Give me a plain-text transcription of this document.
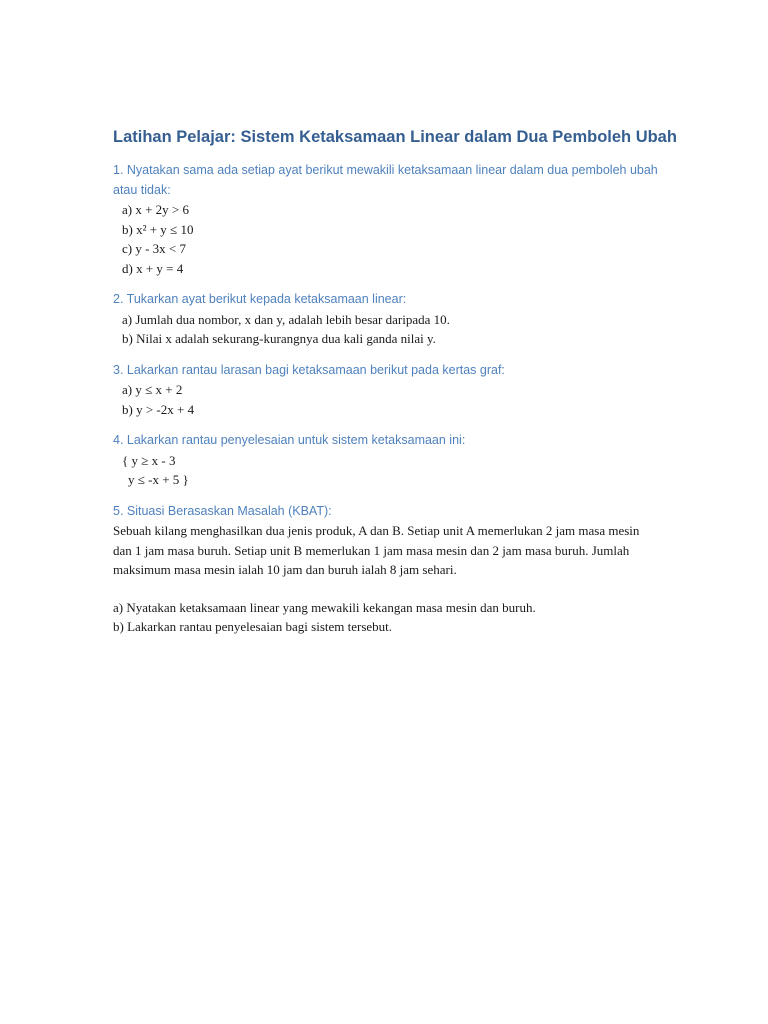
Latihan Pelajar: Sistem Ketaksamaan Linear dalam Dua Pemboleh Ubah

1. Nyatakan sama ada setiap ayat berikut mewakili ketaksamaan linear dalam dua pemboleh ubah atau tidak:

a) x + 2y > 6

b) x² + y ≤ 10

c) y - 3x < 7

d) x + y = 4

2. Tukarkan ayat berikut kepada ketaksamaan linear:

a) Jumlah dua nombor, x dan y, adalah lebih besar daripada 10.

b) Nilai x adalah sekurang-kurangnya dua kali ganda nilai y.

3. Lakarkan rantau larasan bagi ketaksamaan berikut pada kertas graf:

a) y ≤ x + 2

b) y > -2x + 4

4. Lakarkan rantau penyelesaian untuk sistem ketaksamaan ini:

{ y ≥ x - 3

y ≤ -x + 5 }

5. Situasi Berasaskan Masalah (KBAT):

Sebuah kilang menghasilkan dua jenis produk, A dan B. Setiap unit A memerlukan 2 jam masa mesin dan 1 jam masa buruh. Setiap unit B memerlukan 1 jam masa mesin dan 2 jam masa buruh. Jumlah maksimum masa mesin ialah 10 jam dan buruh ialah 8 jam sehari.

a) Nyatakan ketaksamaan linear yang mewakili kekangan masa mesin dan buruh.

b) Lakarkan rantau penyelesaian bagi sistem tersebut.
